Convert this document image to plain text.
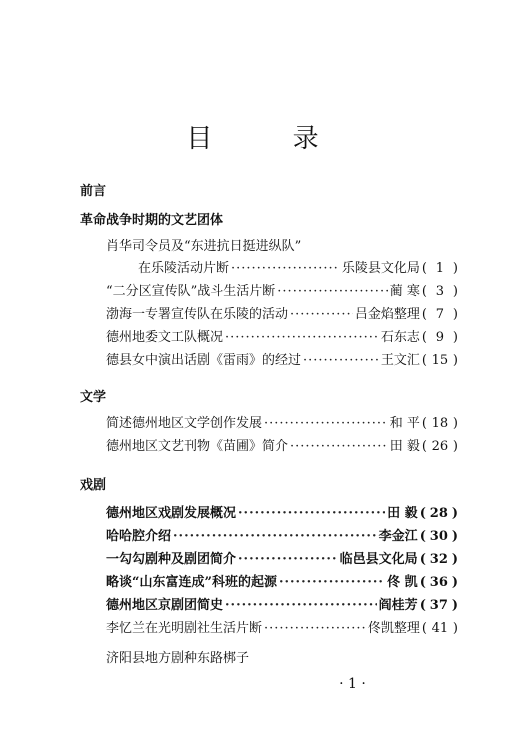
目 录
前言
革命战争时期的文艺团体
肖华司令员及“东进抗日挺进纵队”
在乐陵活动片断 ·····	乐陵县文化局 ( 1 )
“二分区宣传队”战斗生活片断 ·····	蔺 寒 ( 3 )
渤海一专署宣传队在乐陵的活动 ·····	吕金焰整理 ( 7 )
德州地委文工队概况 ·····	石东志 ( 9 )
德县女中演出话剧《雷雨》的经过 ·····	王文汇 ( 15 )
文学
简述德州地区文学创作发展 ·····	和 平 ( 18 )
德州地区文艺刊物《苗圃》简介 ·····	田 毅 ( 26 )
戏剧
德州地区戏剧发展概况 ·····	田 毅 ( 28 )
哈哈腔介绍 ·····	李金江 ( 30 )
一勾勾剧种及剧团简介 ·····	临邑县文化局 ( 32 )
略谈“山东富连成”科班的起源 ·····	佟 凯 ( 36 )
德州地区京剧团简史 ·····	阎桂芳 ( 37 )
李忆兰在光明剧社生活片断 ·····	佟凯整理 ( 41 )
济阳县地方剧种东路梆子
· 1 ·
